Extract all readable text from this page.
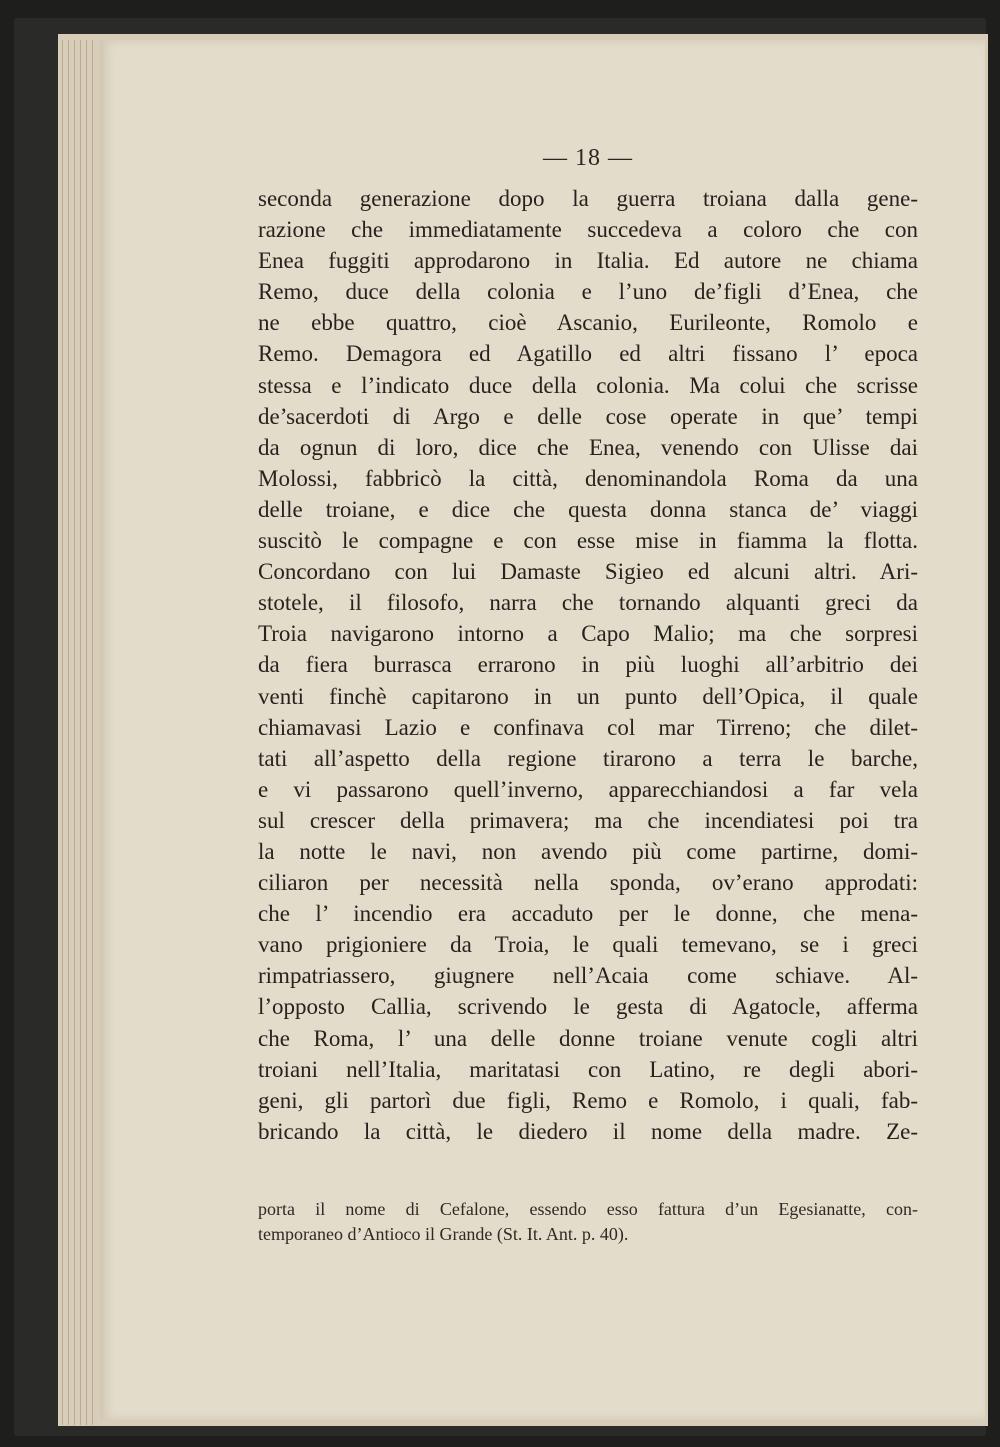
— 18 —
seconda generazione dopo la guerra troiana dalla gene-
razione che immediatamente succedeva a coloro che con
Enea fuggiti approdarono in Italia. Ed autore ne chiama
Remo, duce della colonia e l’uno de’figli d’Enea, che
ne ebbe quattro, cioè Ascanio, Eurileonte, Romolo e
Remo. Demagora ed Agatillo ed altri fissano l’ epoca
stessa e l’indicato duce della colonia. Ma colui che scrisse
de’sacerdoti di Argo e delle cose operate in que’ tempi
da ognun di loro, dice che Enea, venendo con Ulisse dai
Molossi, fabbricò la città, denominandola Roma da una
delle troiane, e dice che questa donna stanca de’ viaggi
suscitò le compagne e con esse mise in fiamma la flotta.
Concordano con lui Damaste Sigieo ed alcuni altri. Ari-
stotele, il filosofo, narra che tornando alquanti greci da
Troia navigarono intorno a Capo Malio; ma che sorpresi
da fiera burrasca errarono in più luoghi all’arbitrio dei
venti finchè capitarono in un punto dell’Opica, il quale
chiamavasi Lazio e confinava col mar Tirreno; che dilet-
tati all’aspetto della regione tirarono a terra le barche,
e vi passarono quell’inverno, apparecchiandosi a far vela
sul crescer della primavera; ma che incendiatesi poi tra
la notte le navi, non avendo più come partirne, domi-
ciliaron per necessità nella sponda, ov’erano approdati:
che l’ incendio era accaduto per le donne, che mena-
vano prigioniere da Troia, le quali temevano, se i greci
rimpatriassero, giugnere nell’Acaia come schiave. Al-
l’opposto Callia, scrivendo le gesta di Agatocle, afferma
che Roma, l’ una delle donne troiane venute cogli altri
troiani nell’Italia, maritatasi con Latino, re degli abori-
geni, gli partorì due figli, Remo e Romolo, i quali, fab-
bricando la città, le diedero il nome della madre. Ze-
porta il nome di Cefalone, essendo esso fattura d’un Egesianatte, con-
temporaneo d’Antioco il Grande (St. It. Ant. p. 40).
